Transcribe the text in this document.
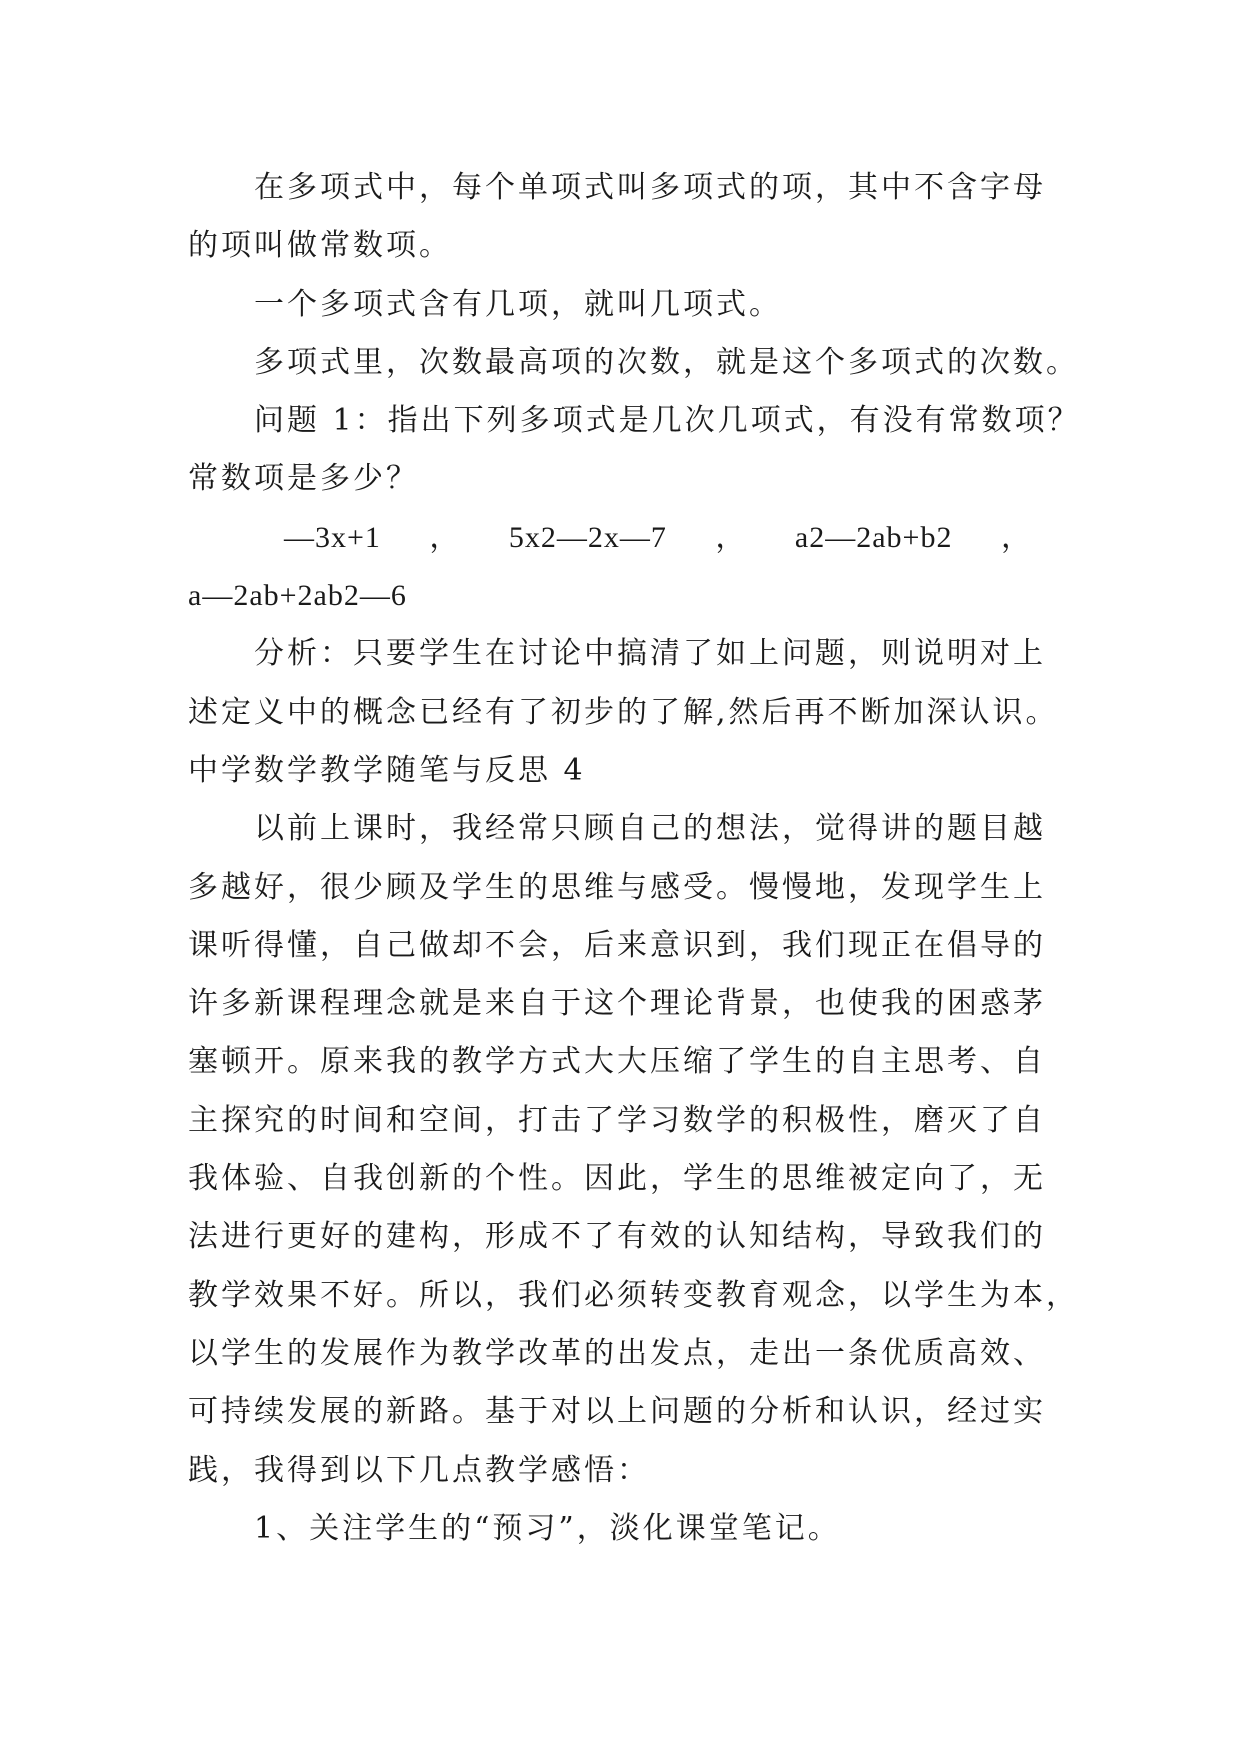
在多项式中，每个单项式叫多项式的项，其中不含字母
的项叫做常数项。
一个多项式含有几项，就叫几项式。
多项式里，次数最高项的次数，就是这个多项式的次数。
问题 1：指出下列多项式是几次几项式，有没有常数项？
常数项是多少？
—3x+1 ， 5x2—2x—7 ， a2—2ab+b2 ，
a—2ab+2ab2—6
分析：只要学生在讨论中搞清了如上问题，则说明对上
述定义中的概念已经有了初步的了解,然后再不断加深认识。
中学数学教学随笔与反思 4
以前上课时，我经常只顾自己的想法，觉得讲的题目越
多越好，很少顾及学生的思维与感受。慢慢地，发现学生上
课听得懂，自己做却不会，后来意识到，我们现正在倡导的
许多新课程理念就是来自于这个理论背景，也使我的困惑茅
塞顿开。原来我的教学方式大大压缩了学生的自主思考、自
主探究的时间和空间，打击了学习数学的积极性，磨灭了自
我体验、自我创新的个性。因此，学生的思维被定向了，无
法进行更好的建构，形成不了有效的认知结构，导致我们的
教学效果不好。所以，我们必须转变教育观念，以学生为本，
以学生的发展作为教学改革的出发点，走出一条优质高效、
可持续发展的新路。基于对以上问题的分析和认识，经过实
践，我得到以下几点教学感悟：
1、关注学生的“预习”，淡化课堂笔记。
